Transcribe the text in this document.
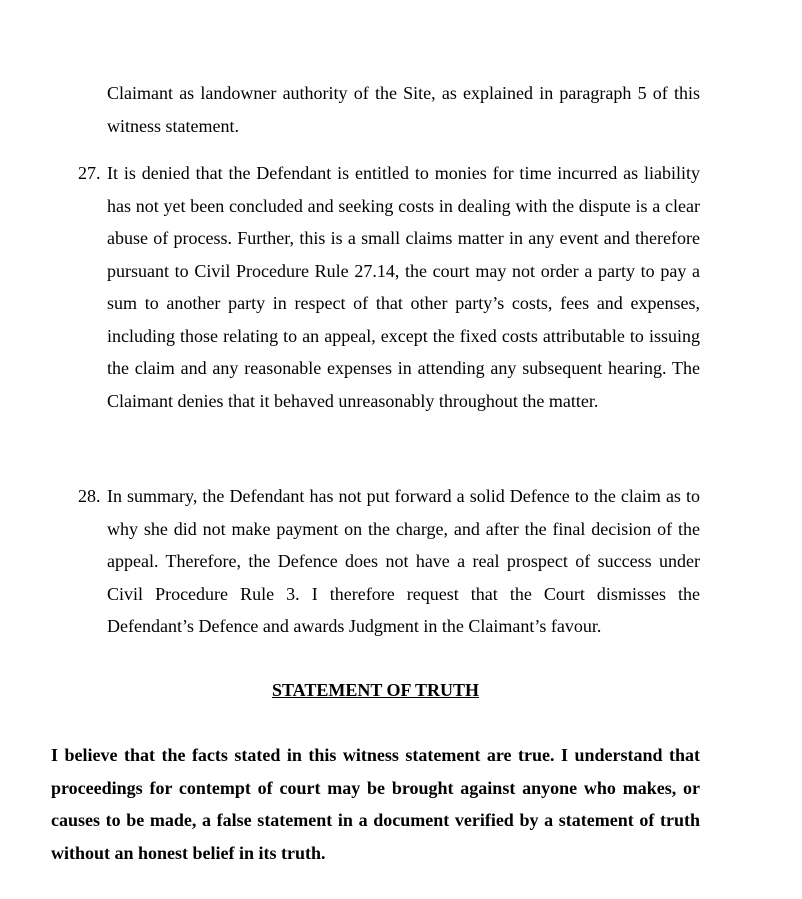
Claimant as landowner authority of the Site, as explained in paragraph 5 of this witness statement.

27. It is denied that the Defendant is entitled to monies for time incurred as liability has not yet been concluded and seeking costs in dealing with the dispute is a clear abuse of process. Further, this is a small claims matter in any event and therefore pursuant to Civil Procedure Rule 27.14, the court may not order a party to pay a sum to another party in respect of that other party’s costs, fees and expenses, including those relating to an appeal, except the fixed costs attributable to issuing the claim and any reasonable expenses in attending any subsequent hearing. The Claimant denies that it behaved unreasonably throughout the matter.
28. In summary, the Defendant has not put forward a solid Defence to the claim as to why she did not make payment on the charge, and after the final decision of the appeal. Therefore, the Defence does not have a real prospect of success under Civil Procedure Rule 3. I therefore request that the Court dismisses the Defendant’s Defence and awards Judgment in the Claimant’s favour.
STATEMENT OF TRUTH

I believe that the facts stated in this witness statement are true. I understand that proceedings for contempt of court may be brought against anyone who makes, or causes to be made, a false statement in a document verified by a statement of truth without an honest belief in its truth.
